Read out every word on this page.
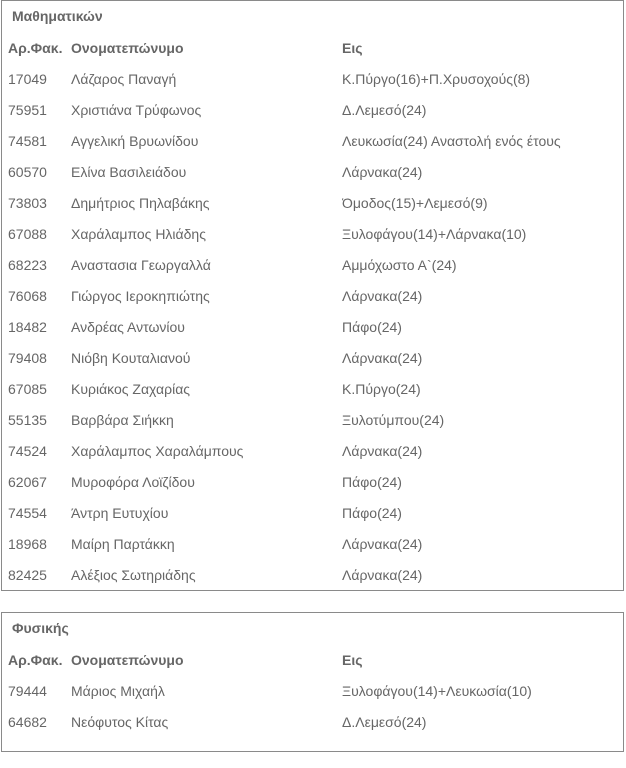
Μαθηματικών
Αρ.Φακ.	Ονοματεπώνυμο	Εις
17049	Λάζαρος Παναγή	Κ.Πύργο(16)+Π.Χρυσοχούς(8)
75951	Χριστιάνα Τρύφωνος	Δ.Λεμεσό(24)
74581	Αγγελική Βρυωνίδου	Λευκωσία(24) Αναστολή ενός έτους
60570	Ελίνα Βασιλειάδου	Λάρνακα(24)
73803	Δημήτριος Πηλαβάκης	Όμοδος(15)+Λεμεσό(9)
67088	Χαράλαμπος Ηλιάδης	Ξυλοφάγου(14)+Λάρνακα(10)
68223	Αναστασια Γεωργαλλά	Αμμόχωστο Α`(24)
76068	Γιώργος Ιεροκηπιώτης	Λάρνακα(24)
18482	Ανδρέας Αντωνίου	Πάφο(24)
79408	Νιόβη Κουταλιανού	Λάρνακα(24)
67085	Κυριάκος Ζαχαρίας	Κ.Πύργο(24)
55135	Βαρβάρα Σιήκκη	Ξυλοτύμπου(24)
74524	Χαράλαμπος Χαραλάμπους	Λάρνακα(24)
62067	Μυροφόρα Λοϊζίδου	Πάφο(24)
74554	Άντρη Ευτυχίου	Πάφο(24)
18968	Μαίρη Παρτάκκη	Λάρνακα(24)
82425	Αλέξιος Σωτηριάδης	Λάρνακα(24)
Φυσικής
Αρ.Φακ.	Ονοματεπώνυμο	Εις
79444	Μάριος Μιχαήλ	Ξυλοφάγου(14)+Λευκωσία(10)
64682	Νεόφυτος Κίτας	Δ.Λεμεσό(24)
